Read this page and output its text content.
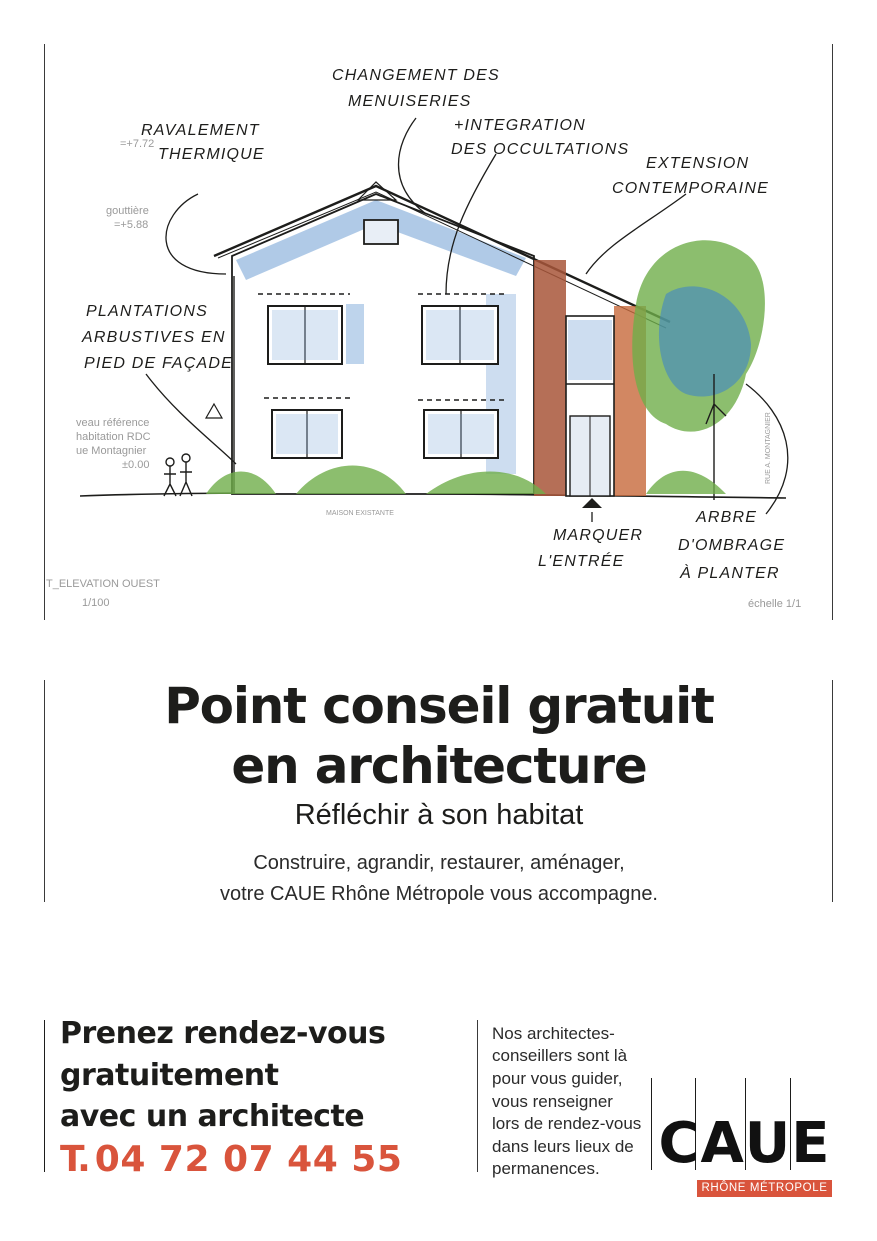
=+7.72
gouttière
=+5.88
veau référence
habitation RDC
ue Montagnier
±0.00
MAISON EXISTANTE
T_ELEVATION OUEST
1/100	échelle 1/1
RUE A. MONTAGNIER
RAVALEMENT
THERMIQUE
CHANGEMENT DES
MENUISERIES
+INTEGRATION
DES OCCULTATIONS
EXTENSION
CONTEMPORAINE
PLANTATIONS
ARBUSTIVES EN
PIED DE FAÇADE
MARQUER
L'ENTRÉE
ARBRE
D'OMBRAGE
À PLANTER
Point conseil gratuit
en architecture
Réfléchir à son habitat
Construire, agrandir, restaurer, aménager,
votre CAUE Rhône Métropole vous accompagne.
Prenez rendez-vous
gratuitement
avec un architecte
T. 04 72 07 44 55
Nos architectes-
conseillers sont là
pour vous guider,
vous renseigner
lors de rendez-vous
dans leurs lieux de
permanences. C A U E
RHÔNE MÉTROPOLE
